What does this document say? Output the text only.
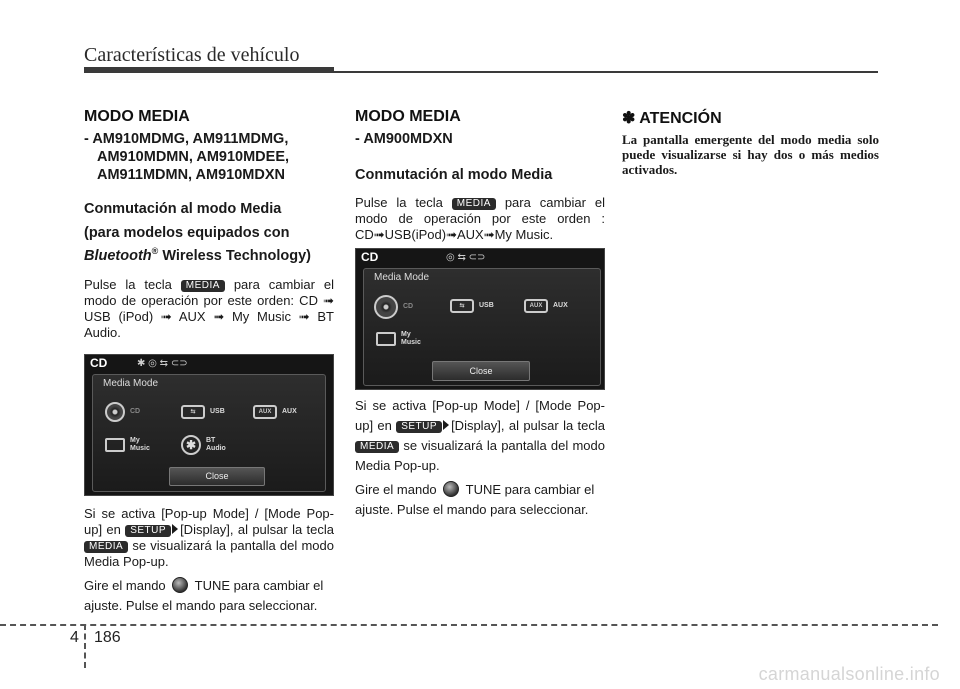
Características de vehículo
MODO MEDIA
- AM910MDMG, AM911MDMG,
AM910MDMN, AM910MDEE,
AM911MDMN, AM910MDXN
Conmutación al modo Media
(para modelos equipados con
Bluetooth® Wireless Technology)

Pulse la tecla MEDIA para cambiar el modo de operación por este orden: CD ➟ USB (iPod) ➟ AUX ➟ My Music ➟ BT Audio.

CD	✱ ◎ ⇆ ⊂⊃
Media Mode
CD	⇆	USB	AUX	AUX
My
Music	✱	BT
Audio
Close

Si se activa [Pop-up Mode] / [Mode Pop-up] en SETUP [Display], al pulsar la tecla MEDIA se visualizará la pantalla del modo Media Pop-up.

Gire el mando TUNE para cambiar el ajuste. Pulse el mando para seleccionar.

MODO MEDIA
- AM900MDXN
Conmutación al modo Media

Pulse la tecla MEDIA para cambiar el modo de operación por este orden : CD➟USB(iPod)➟AUX➟My Music.

CD	◎ ⇆ ⊂⊃
Media Mode
CD	⇆	USB	AUX	AUX
My
Music
Close

Si se activa [Pop-up Mode] / [Mode Pop-up] en SETUP [Display], al pulsar la tecla MEDIA se visualizará la pantalla del modo Media Pop-up.

Gire el mando TUNE para cambiar el ajuste. Pulse el mando para seleccionar.

✽ ATENCIÓN

La pantalla emergente del modo media solo puede visualizarse si hay dos o más medios activados.

4 186
carmanualsonline.info
